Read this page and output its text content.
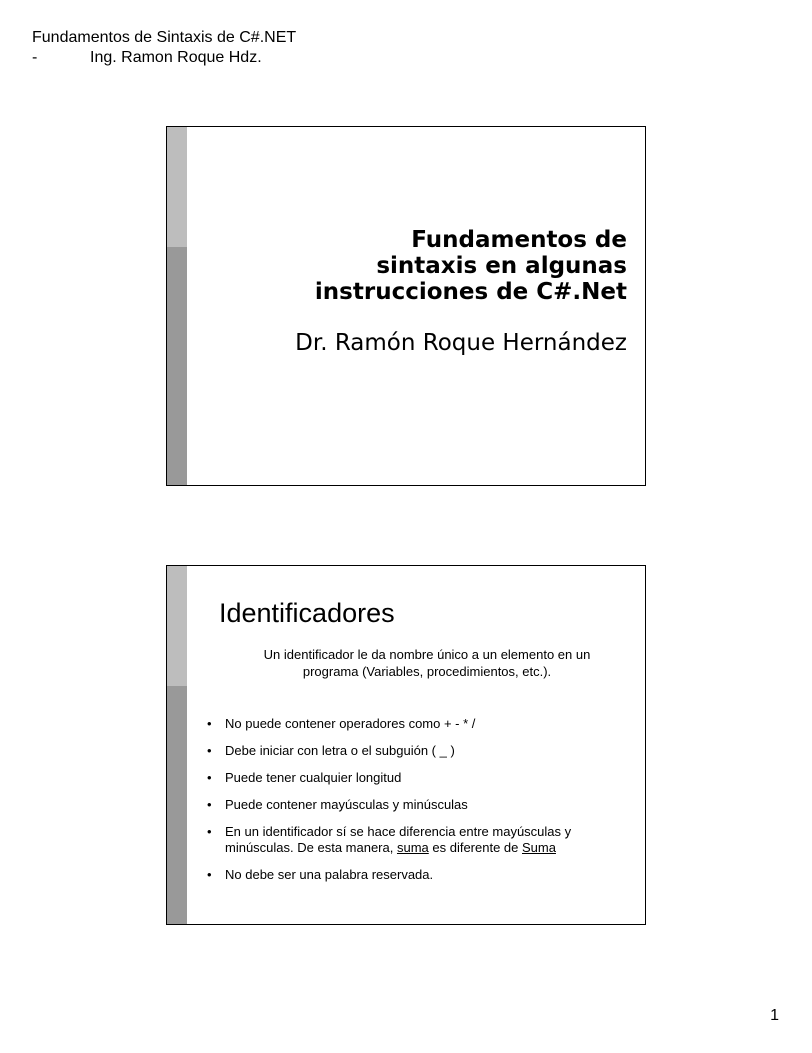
Fundamentos de Sintaxis de C#.NET
-	Ing. Ramon Roque Hdz.
Fundamentos de
sintaxis en algunas
instrucciones de C#.Net
Dr. Ramón Roque Hernández
Identificadores
Un identificador le da nombre único a un elemento en un programa (Variables, procedimientos, etc.).
• No puede contener operadores como + - * /
• Debe iniciar con letra o el subguión ( _ )
• Puede tener cualquier longitud
• Puede contener mayúsculas y minúsculas
• En un identificador sí se hace diferencia entre mayúsculas y minúsculas. De esta manera, suma es diferente de Suma
• No debe ser una palabra reservada.
1
